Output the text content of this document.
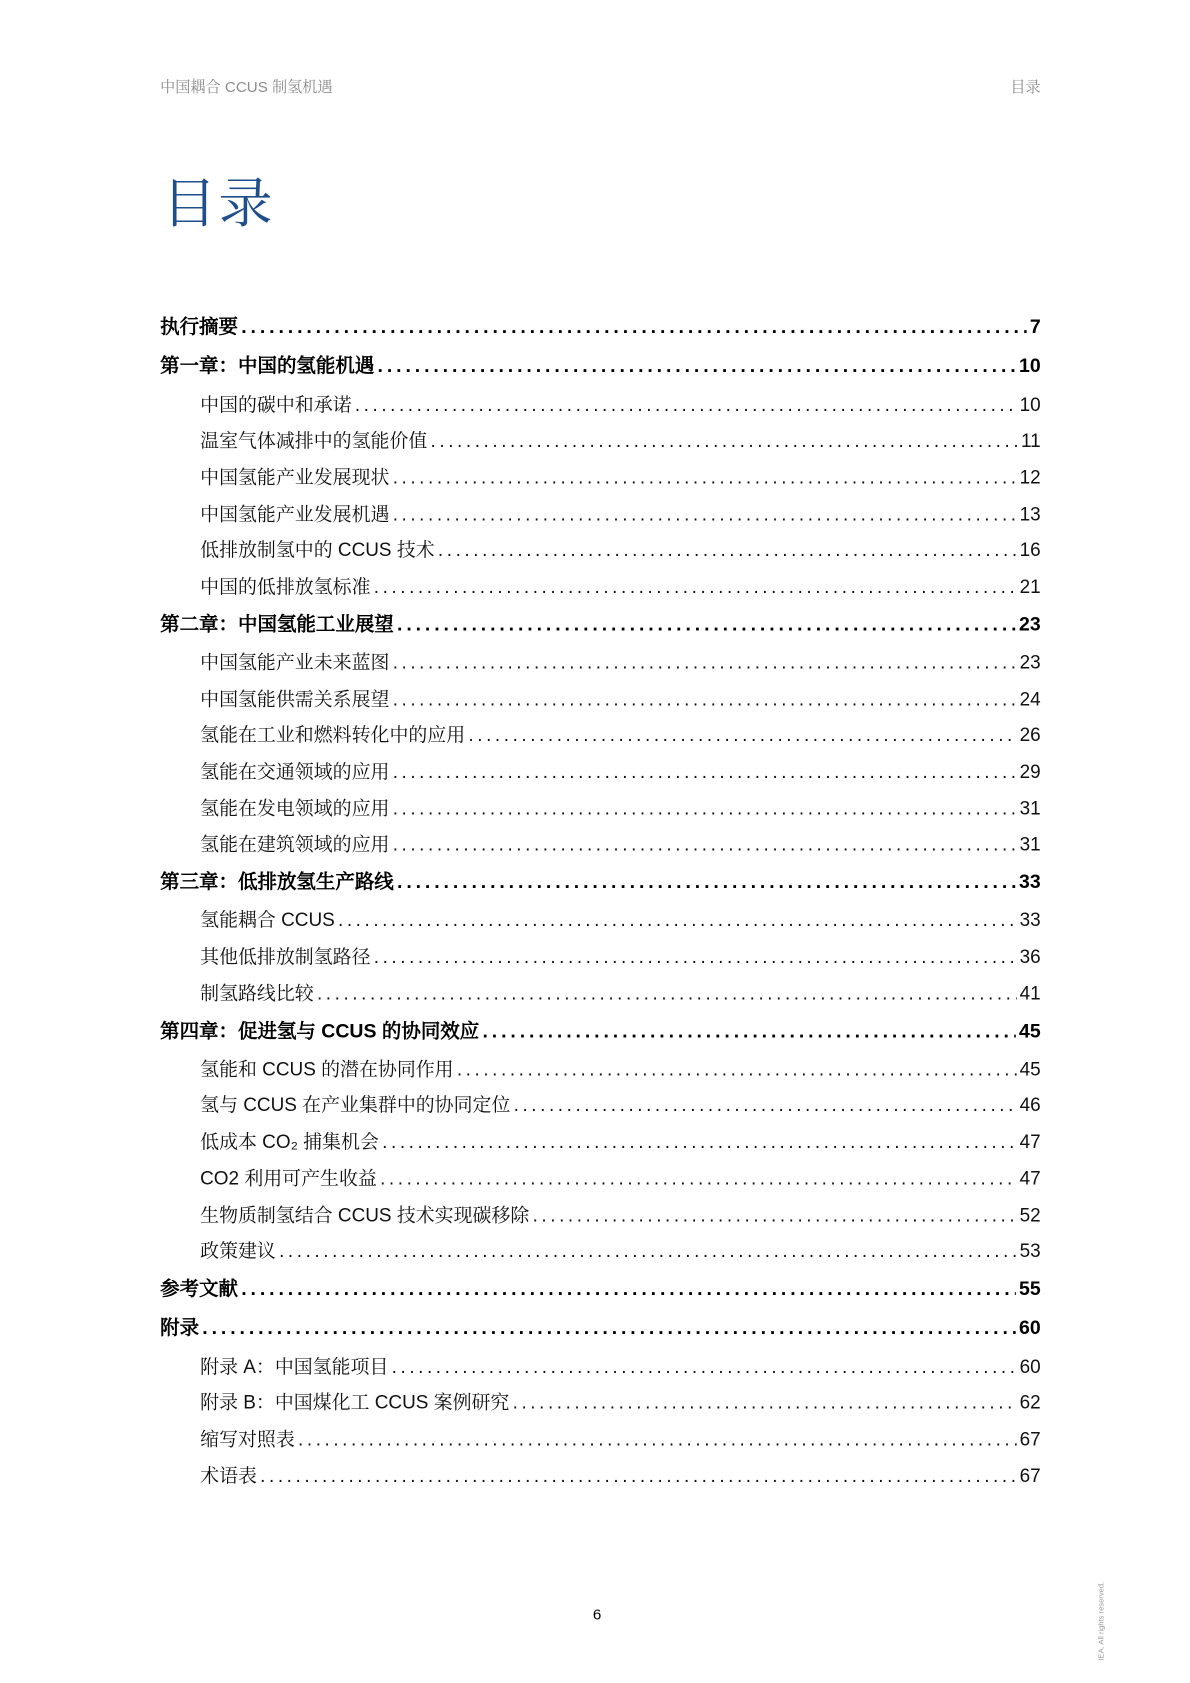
中国耦合 CCUS 制氢机遇	目录
目录
执行摘要 .....	7
第一章：中国的氢能机遇 .....	10
中国的碳中和承诺 .....	10
温室气体减排中的氢能价值 .....	11
中国氢能产业发展现状 .....	12
中国氢能产业发展机遇 .....	13
低排放制氢中的 CCUS 技术 .....	16
中国的低排放氢标准 .....	21
第二章：中国氢能工业展望 .....	23
中国氢能产业未来蓝图 .....	23
中国氢能供需关系展望 .....	24
氢能在工业和燃料转化中的应用 .....	26
氢能在交通领域的应用 .....	29
氢能在发电领域的应用 .....	31
氢能在建筑领域的应用 .....	31
第三章：低排放氢生产路线 .....	33
氢能耦合 CCUS .....	33
其他低排放制氢路径 .....	36
制氢路线比较 .....	41
第四章：促进氢与 CCUS 的协同效应 .....	45
氢能和 CCUS 的潜在协同作用 .....	45
氢与 CCUS 在产业集群中的协同定位 .....	46
低成本 CO₂ 捕集机会 .....	47
CO2 利用可产生收益 .....	47
生物质制氢结合 CCUS 技术实现碳移除 .....	52
政策建议 .....	53
参考文献 .....	55
附录 .....	60
附录 A：中国氢能项目 .....	60
附录 B：中国煤化工 CCUS 案例研究 .....	62
缩写对照表 .....	67
术语表 .....	67
6	IEA. All rights reserved.
